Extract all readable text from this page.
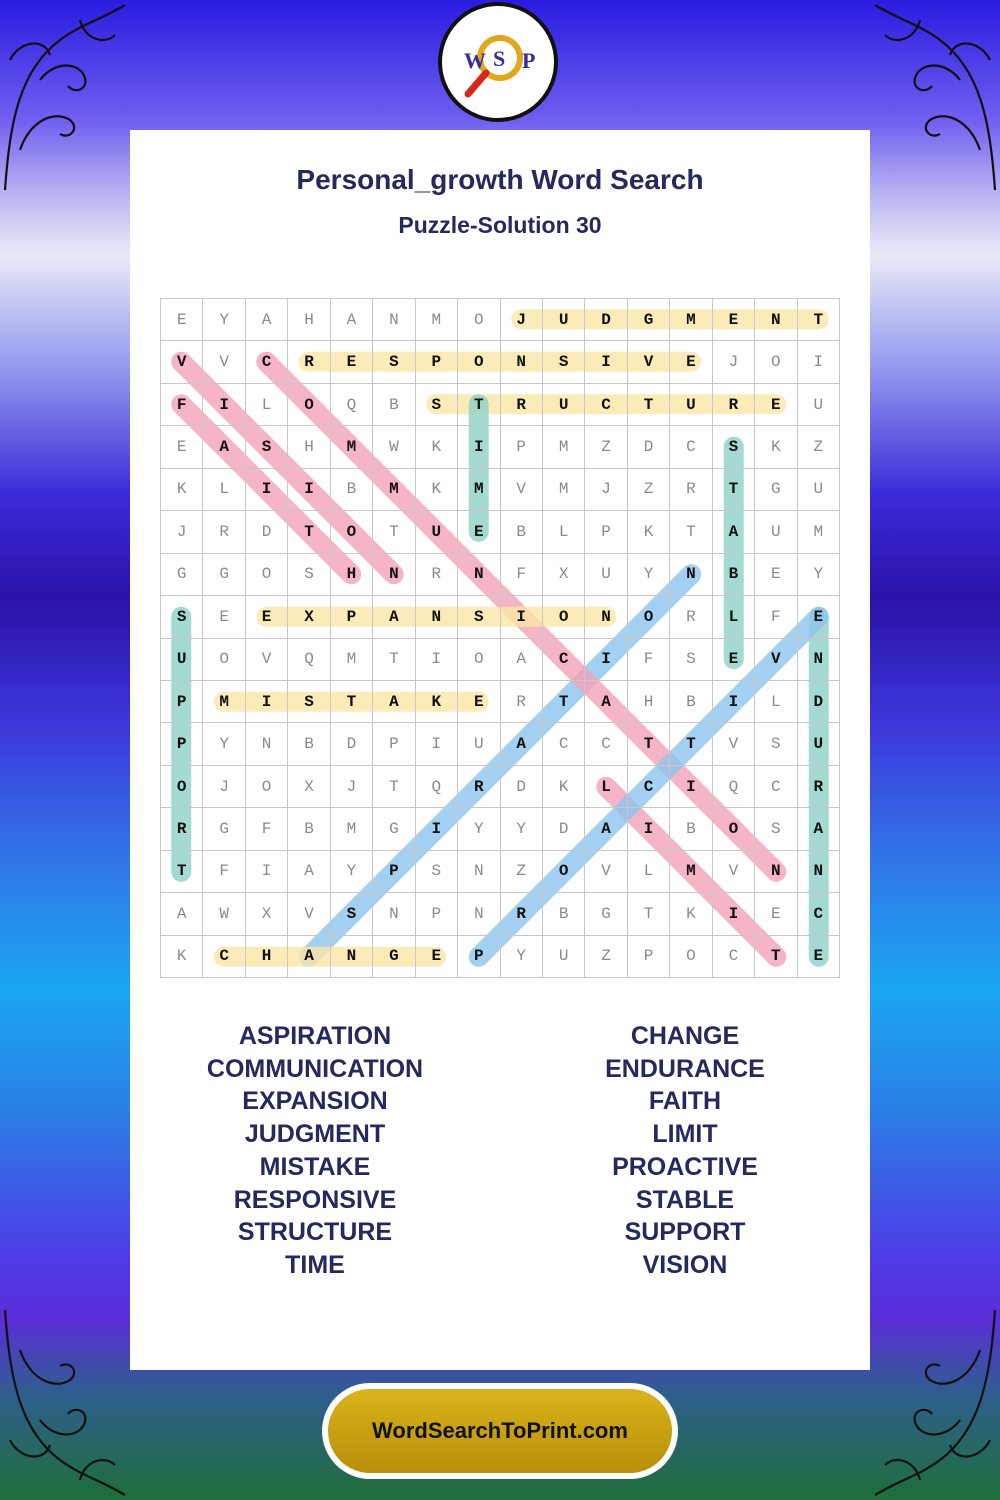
W S P
Personal_growth Word Search
Puzzle-Solution 30
E	Y	A	H	A	N	M	O	J	U	D	G	M	E	N	T
V	V	C	R	E	S	P	O	N	S	I	V	E	J	O	I
F	I	L	O	Q	B	S	T	R	U	C	T	U	R	E	U
E	A	S	H	M	W	K	I	P	M	Z	D	C	S	K	Z
K	L	I	I	B	M	K	M	V	M	J	Z	R	T	G	U
J	R	D	T	O	T	U	E	B	L	P	K	T	A	U	M
G	G	O	S	H	N	R	N	F	X	U	Y	N	B	E	Y
S	E	E	X	P	A	N	S	I	O	N	O	R	L	F	E
U	O	V	Q	M	T	I	O	A	C	I	F	S	E	V	N
P	M	I	S	T	A	K	E	R	T	A	H	B	I	L	D
P	Y	N	B	D	P	I	U	A	C	C	T	T	V	S	U
O	J	O	X	J	T	Q	R	D	K	L	C	I	Q	C	R
R	G	F	B	M	G	I	Y	Y	D	A	I	B	O	S	A
T	F	I	A	Y	P	S	N	Z	O	V	L	M	V	N	N
A	W	X	V	S	N	P	N	R	B	G	T	K	I	E	C
K	C	H	A	N	G	E	P	Y	U	Z	P	O	C	T	E
ASPIRATION
COMMUNICATION
EXPANSION
JUDGMENT
MISTAKE
RESPONSIVE
STRUCTURE
TIME
CHANGE
ENDURANCE
FAITH
LIMIT
PROACTIVE
STABLE
SUPPORT
VISION
WordSearchToPrint.com
